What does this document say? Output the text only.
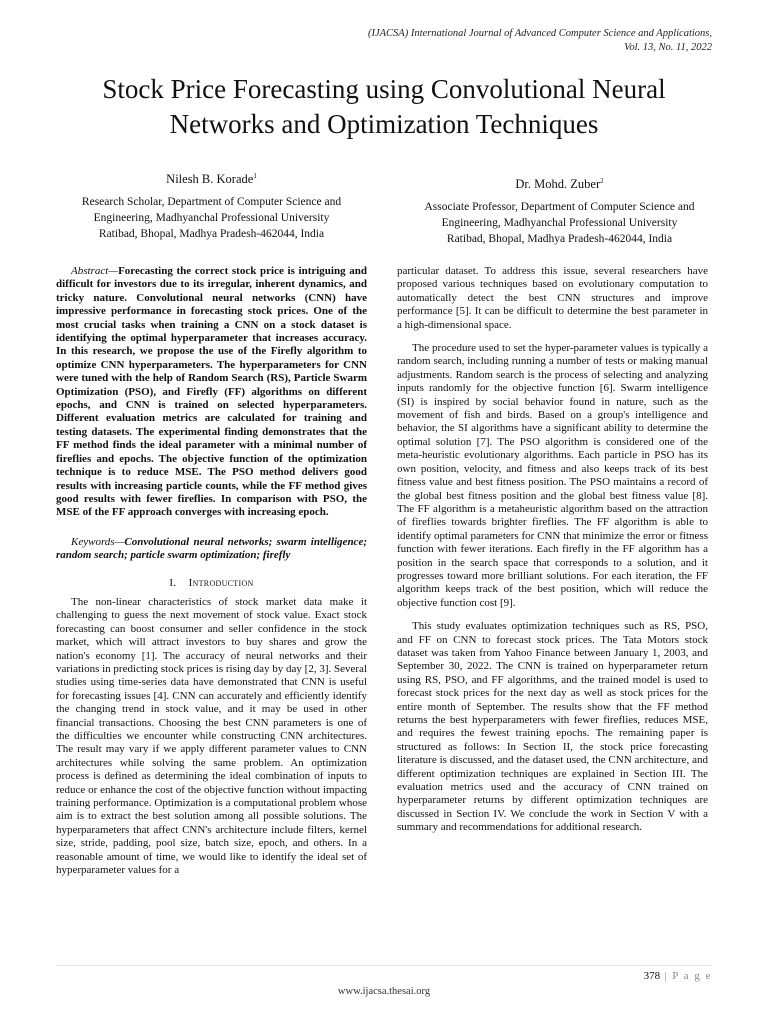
(IJACSA) International Journal of Advanced Computer Science and Applications,
Vol. 13, No. 11, 2022
Stock Price Forecasting using Convolutional Neural
Networks and Optimization Techniques
Nilesh B. Korade$^1$
Research Scholar, Department of Computer Science and
Engineering, Madhyanchal Professional University
Ratibad, Bhopal, Madhya Pradesh-462044, India
Dr. Mohd. Zuber$^2$
Associate Professor, Department of Computer Science and
Engineering, Madhyanchal Professional University
Ratibad, Bhopal, Madhya Pradesh-462044, India

Abstract—Forecasting the correct stock price is intriguing and difficult for investors due to its irregular, inherent dynamics, and tricky nature. Convolutional neural networks (CNN) have impressive performance in forecasting stock prices. One of the most crucial tasks when training a CNN on a stock dataset is identifying the optimal hyperparameter that increases accuracy. In this research, we propose the use of the Firefly algorithm to optimize CNN hyperparameters. The hyperparameters for CNN were tuned with the help of Random Search (RS), Particle Swarm Optimization (PSO), and Firefly (FF) algorithms on different epochs, and CNN is trained on selected hyperparameters. Different evaluation metrics are calculated for training and testing datasets. The experimental finding demonstrates that the FF method finds the ideal parameter with a minimal number of fireflies and epochs. The objective function of the optimization technique is to reduce MSE. The PSO method delivers good results with increasing particle counts, while the FF method gives good results with fewer fireflies. In comparison with PSO, the MSE of the FF approach converges with increasing epoch.

Keywords—Convolutional neural networks; swarm intelligence; random search; particle swarm optimization; firefly

I. Introduction

The non-linear characteristics of stock market data make it challenging to guess the next movement of stock value. Exact stock forecasting can boost consumer and seller confidence in the stock market, which will attract investors to buy shares and grow the nation's economy [1]. The accuracy of neural networks and their variations in predicting stock prices is rising day by day [2, 3]. Several studies using time-series data have demonstrated that CNN is useful for forecasting issues [4]. CNN can accurately and efficiently identify the changing trend in stock value, and it may be used in other financial transactions. Choosing the best CNN parameters is one of the difficulties we encounter while constructing CNN architectures. The result may vary if we apply different parameter values to CNN architectures while solving the same problem. An optimization process is defined as determining the ideal combination of inputs to reduce or enhance the cost of the objective function without impacting training performance. Optimization is a computational problem whose aim is to extract the best solution among all possible solutions. The hyperparameters that affect CNN's architecture include filters, kernel size, stride, padding, pool size, batch size, epoch, and others. In a reasonable amount of time, we would like to identify the ideal set of hyperparameter values for a

particular dataset. To address this issue, several researchers have proposed various techniques based on evolutionary computation to automatically detect the best CNN structures and improve performance [5]. It can be difficult to determine the best parameter in a high-dimensional space.

The procedure used to set the hyper-parameter values is typically a random search, including running a number of tests or making manual adjustments. Random search is the process of selecting and analyzing inputs randomly for the objective function [6]. Swarm intelligence (SI) is inspired by social behavior found in nature, such as the movement of fish and birds. Based on a group's intelligence and behavior, the SI algorithms have a significant ability to determine the optimal solution [7]. The PSO algorithm is considered one of the meta-heuristic evolutionary algorithms. Each particle in PSO has its own position, velocity, and fitness and also keeps track of its best fitness value and best fitness position. The PSO maintains a record of the global best fitness position and the global best fitness value [8]. The FF algorithm is a metaheuristic algorithm based on the attraction of fireflies towards brighter fireflies. The FF algorithm is able to identify optimal parameters for CNN that minimize the error or fitness function with fewer iterations. Each firefly in the FF algorithm has a position in the search space that corresponds to a solution, and it progresses toward more brilliant solutions. For each iteration, the FF algorithm keeps track of the best position, which will reduce the objective function cost [9].

This study evaluates optimization techniques such as RS, PSO, and FF on CNN to forecast stock prices. The Tata Motors stock dataset was taken from Yahoo Finance between January 1, 2003, and September 30, 2022. The CNN is trained on hyperparameter return using RS, PSO, and FF algorithms, and the trained model is used to forecast stock prices for the next day as well as stock prices for the entire month of September. The results show that the FF method returns the best hyperparameters with fewer fireflies, reduces MSE, and requires the fewest training epochs. The remaining paper is structured as follows: In Section II, the stock price forecasting literature is discussed, and the dataset used, the CNN architecture, and different optimization techniques are explained in Section III. The evaluation metrics used and the accuracy of CNN trained on hyperparameter returns by different optimization techniques are discussed in Section IV. We conclude the work in Section V with a summary and recommendations for additional research.

378 | P a g e
www.ijacsa.thesai.org
